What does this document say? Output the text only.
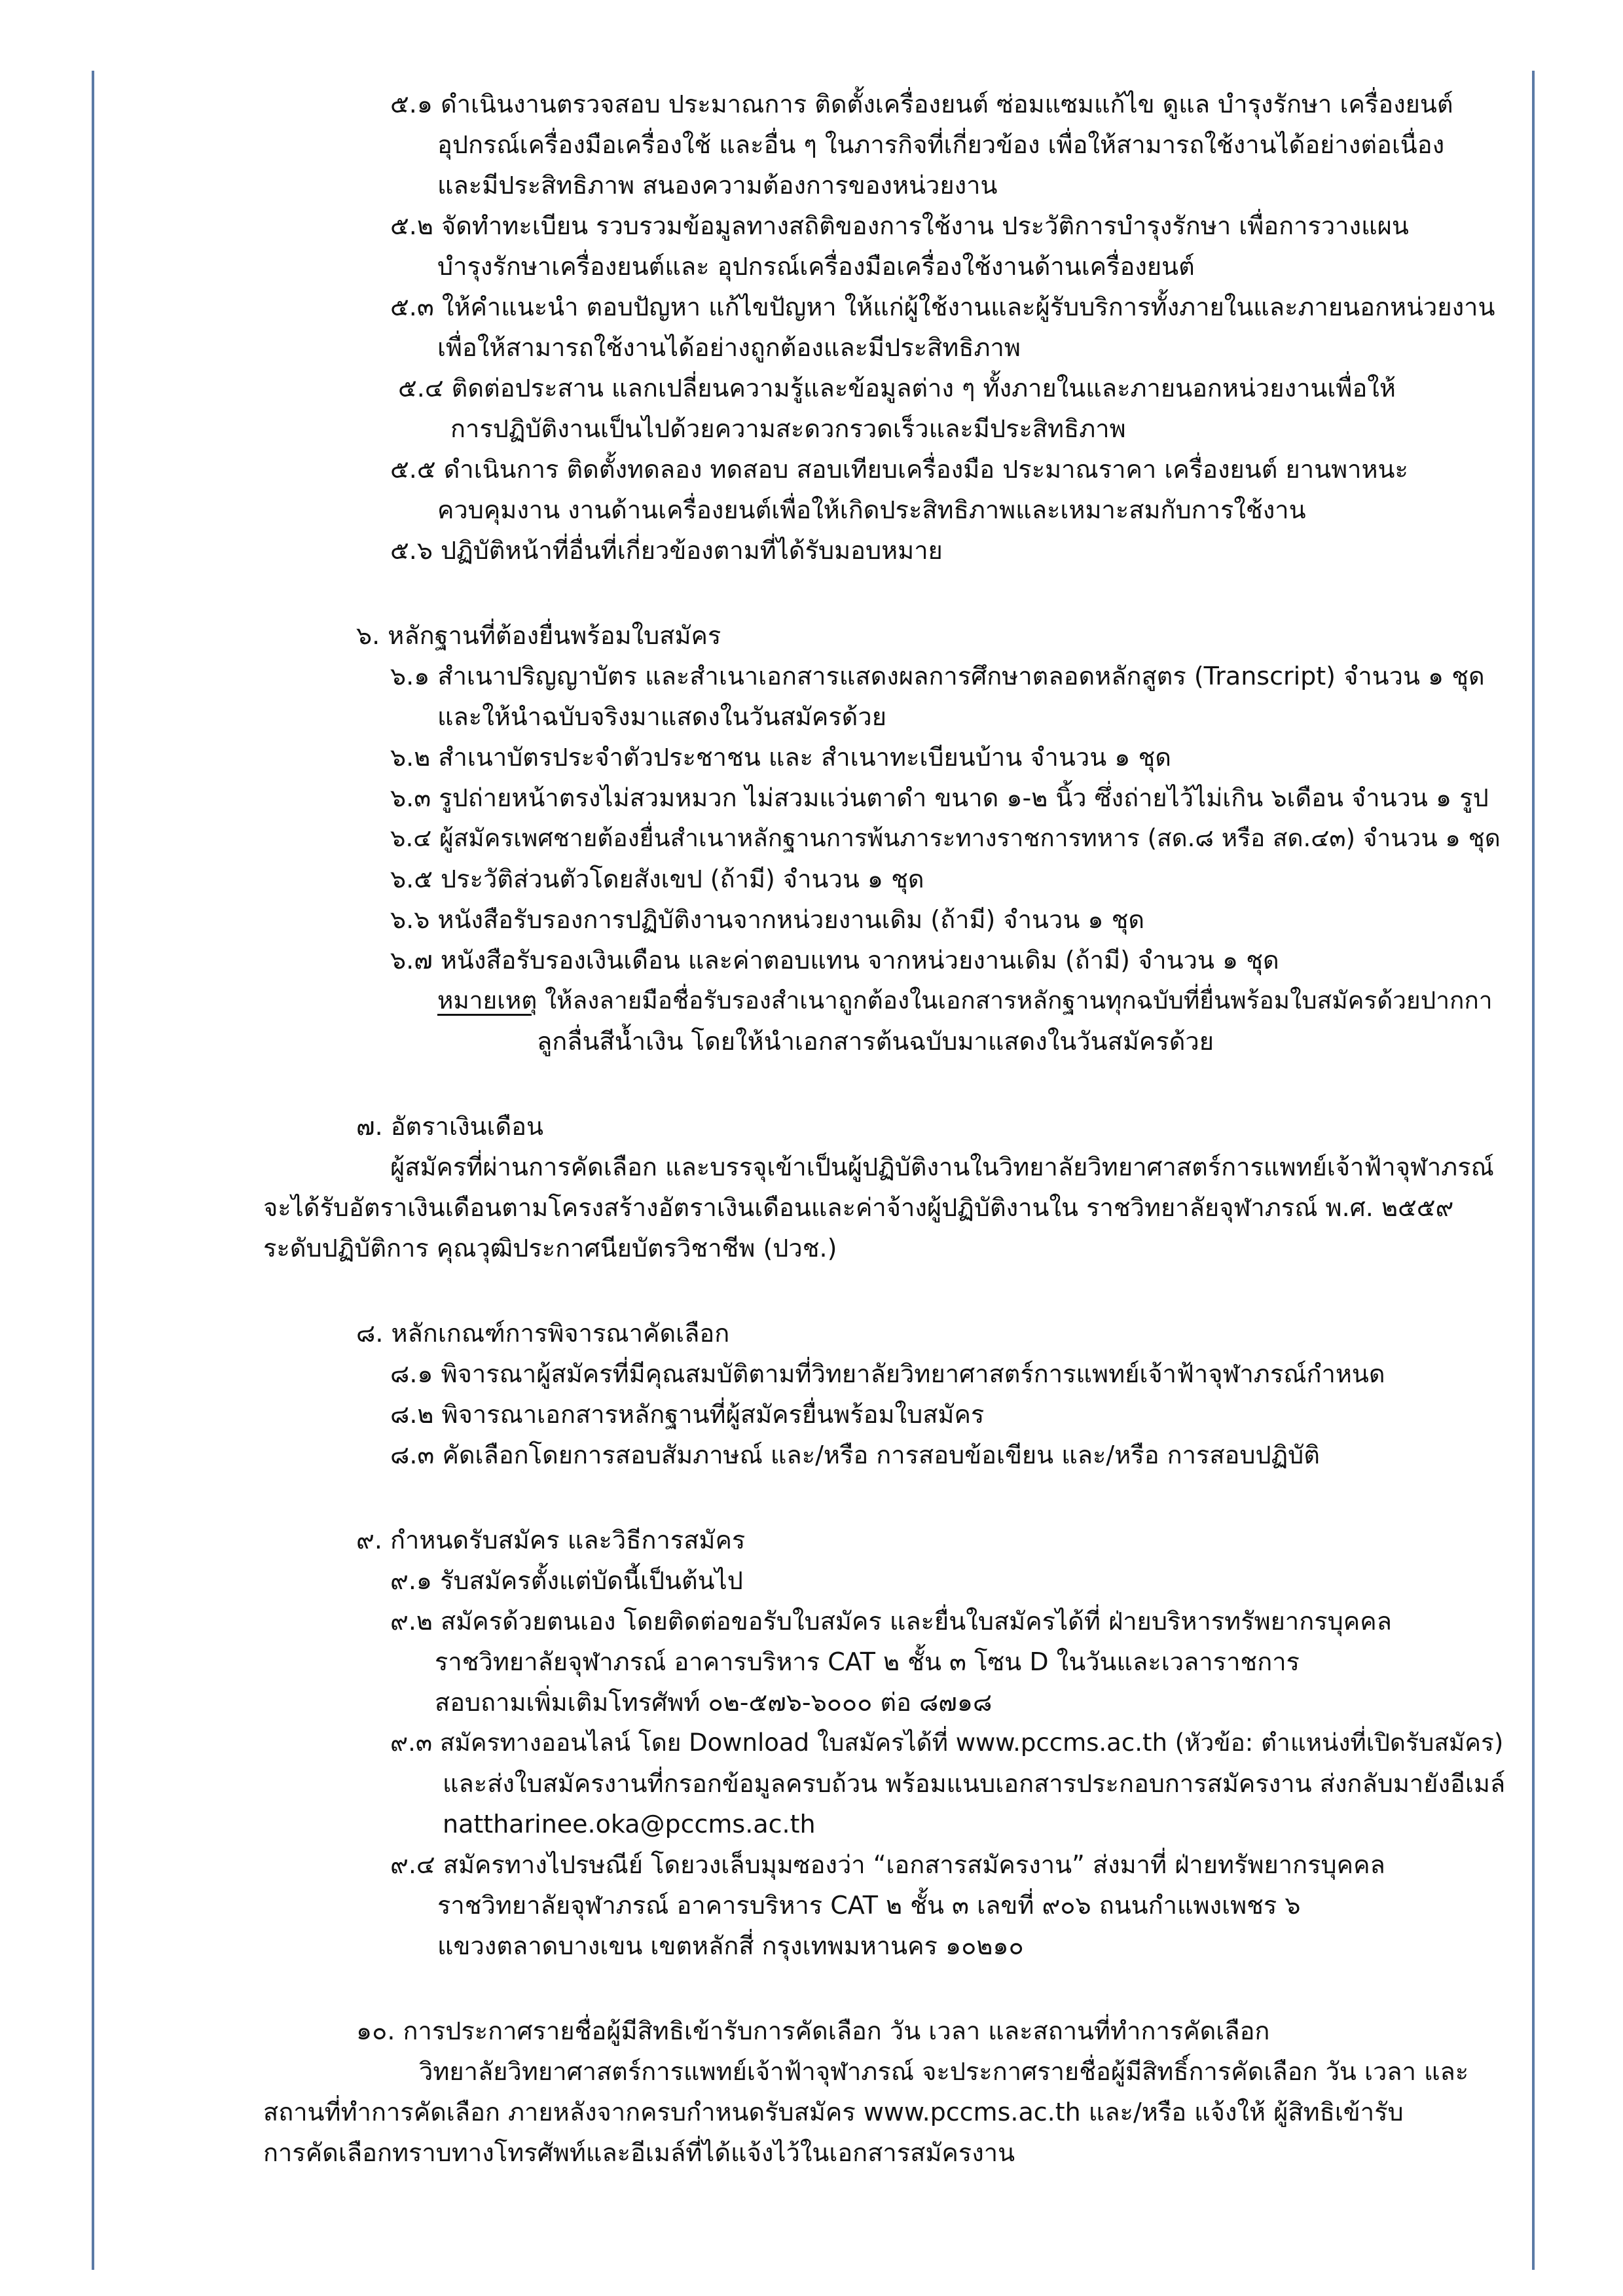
๕.๑ ดำเนินงานตรวจสอบ ประมาณการ ติดตั้งเครื่องยนต์ ซ่อมแซมแก้ไข ดูแล บำรุงรักษา เครื่องยนต์
อุปกรณ์เครื่องมือเครื่องใช้ และอื่น ๆ ในภารกิจที่เกี่ยวข้อง เพื่อให้สามารถใช้งานได้อย่างต่อเนื่อง
และมีประสิทธิภาพ สนองความต้องการของหน่วยงาน
๕.๒ จัดทำทะเบียน รวบรวมข้อมูลทางสถิติของการใช้งาน ประวัติการบำรุงรักษา เพื่อการวางแผน
บำรุงรักษาเครื่องยนต์และ อุปกรณ์เครื่องมือเครื่องใช้งานด้านเครื่องยนต์
๕.๓ ให้คำแนะนำ ตอบปัญหา แก้ไขปัญหา ให้แก่ผู้ใช้งานและผู้รับบริการทั้งภายในและภายนอกหน่วยงาน
เพื่อให้สามารถใช้งานได้อย่างถูกต้องและมีประสิทธิภาพ
๕.๔ ติดต่อประสาน แลกเปลี่ยนความรู้และข้อมูลต่าง ๆ ทั้งภายในและภายนอกหน่วยงานเพื่อให้
การปฏิบัติงานเป็นไปด้วยความสะดวกรวดเร็วและมีประสิทธิภาพ
๕.๕ ดำเนินการ ติดตั้งทดลอง ทดสอบ สอบเทียบเครื่องมือ ประมาณราคา เครื่องยนต์ ยานพาหนะ
ควบคุมงาน งานด้านเครื่องยนต์เพื่อให้เกิดประสิทธิภาพและเหมาะสมกับการใช้งาน
๕.๖ ปฏิบัติหน้าที่อื่นที่เกี่ยวข้องตามที่ได้รับมอบหมาย
๖. หลักฐานที่ต้องยื่นพร้อมใบสมัคร
๖.๑ สำเนาปริญญาบัตร และสำเนาเอกสารแสดงผลการศึกษาตลอดหลักสูตร (Transcript) จำนวน ๑ ชุด
และให้นำฉบับจริงมาแสดงในวันสมัครด้วย
๖.๒ สำเนาบัตรประจำตัวประชาชน และ สำเนาทะเบียนบ้าน จำนวน ๑ ชุด
๖.๓ รูปถ่ายหน้าตรงไม่สวมหมวก ไม่สวมแว่นตาดำ ขนาด ๑-๒ นิ้ว ซึ่งถ่ายไว้ไม่เกิน ๖เดือน จำนวน ๑ รูป
๖.๔ ผู้สมัครเพศชายต้องยื่นสำเนาหลักฐานการพ้นภาระทางราชการทหาร (สด.๘ หรือ สด.๔๓) จำนวน ๑ ชุด
๖.๕ ประวัติส่วนตัวโดยสังเขป (ถ้ามี) จำนวน ๑ ชุด
๖.๖ หนังสือรับรองการปฏิบัติงานจากหน่วยงานเดิม (ถ้ามี) จำนวน ๑ ชุด
๖.๗ หนังสือรับรองเงินเดือน และค่าตอบแทน จากหน่วยงานเดิม (ถ้ามี) จำนวน ๑ ชุด
หมายเหตุ ให้ลงลายมือชื่อรับรองสำเนาถูกต้องในเอกสารหลักฐานทุกฉบับที่ยื่นพร้อมใบสมัครด้วยปากกา
ลูกลื่นสีน้ำเงิน โดยให้นำเอกสารต้นฉบับมาแสดงในวันสมัครด้วย
๗. อัตราเงินเดือน
ผู้สมัครที่ผ่านการคัดเลือก และบรรจุเข้าเป็นผู้ปฏิบัติงานในวิทยาลัยวิทยาศาสตร์การแพทย์เจ้าฟ้าจุฬาภรณ์
จะได้รับอัตราเงินเดือนตามโครงสร้างอัตราเงินเดือนและค่าจ้างผู้ปฏิบัติงานใน ราชวิทยาลัยจุฬาภรณ์ พ.ศ. ๒๕๕๙
ระดับปฏิบัติการ คุณวุฒิประกาศนียบัตรวิชาชีพ (ปวช.)
๘. หลักเกณฑ์การพิจารณาคัดเลือก
๘.๑ พิจารณาผู้สมัครที่มีคุณสมบัติตามที่วิทยาลัยวิทยาศาสตร์การแพทย์เจ้าฟ้าจุฬาภรณ์กำหนด
๘.๒ พิจารณาเอกสารหลักฐานที่ผู้สมัครยื่นพร้อมใบสมัคร
๘.๓ คัดเลือกโดยการสอบสัมภาษณ์ และ/หรือ การสอบข้อเขียน และ/หรือ การสอบปฏิบัติ
๙. กำหนดรับสมัคร และวิธีการสมัคร
๙.๑ รับสมัครตั้งแต่บัดนี้เป็นต้นไป
๙.๒ สมัครด้วยตนเอง โดยติดต่อขอรับใบสมัคร และยื่นใบสมัครได้ที่ ฝ่ายบริหารทรัพยากรบุคคล
ราชวิทยาลัยจุฬาภรณ์ อาคารบริหาร CAT ๒ ชั้น ๓ โซน D ในวันและเวลาราชการ
สอบถามเพิ่มเติมโทรศัพท์ ๐๒-๕๗๖-๖๐๐๐ ต่อ ๘๗๑๘
๙.๓ สมัครทางออนไลน์ โดย Download ใบสมัครได้ที่ www.pccms.ac.th (หัวข้อ: ตำแหน่งที่เปิดรับสมัคร)
และส่งใบสมัครงานที่กรอกข้อมูลครบถ้วน พร้อมแนบเอกสารประกอบการสมัครงาน ส่งกลับมายังอีเมล์
nattharinee.oka@pccms.ac.th
๙.๔ สมัครทางไปรษณีย์ โดยวงเล็บมุมซองว่า “เอกสารสมัครงาน” ส่งมาที่ ฝ่ายทรัพยากรบุคคล
ราชวิทยาลัยจุฬาภรณ์ อาคารบริหาร CAT ๒ ชั้น ๓ เลขที่ ๙๐๖ ถนนกำแพงเพชร ๖
แขวงตลาดบางเขน เขตหลักสี่ กรุงเทพมหานคร ๑๐๒๑๐
๑๐. การประกาศรายชื่อผู้มีสิทธิเข้ารับการคัดเลือก วัน เวลา และสถานที่ทำการคัดเลือก
วิทยาลัยวิทยาศาสตร์การแพทย์เจ้าฟ้าจุฬาภรณ์ จะประกาศรายชื่อผู้มีสิทธิ์การคัดเลือก วัน เวลา และ
สถานที่ทำการคัดเลือก ภายหลังจากครบกำหนดรับสมัคร www.pccms.ac.th และ/หรือ แจ้งให้ ผู้สิทธิเข้ารับ
การคัดเลือกทราบทางโทรศัพท์และอีเมล์ที่ได้แจ้งไว้ในเอกสารสมัครงาน
